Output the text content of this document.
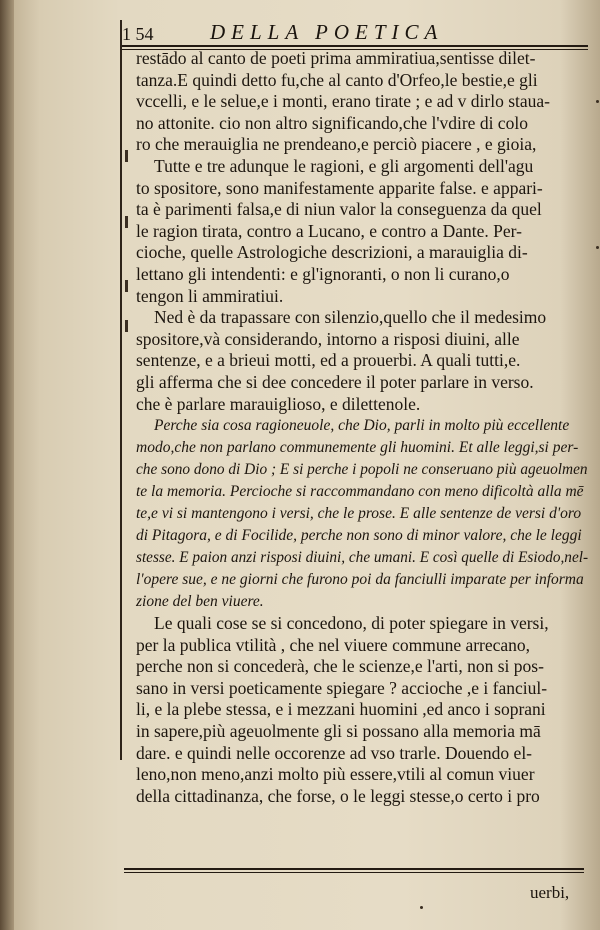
1 54	DELLA POETICA
restādo al canto de poeti prima ammiratiua,sentisse dilet-
tanza.E quindi detto fu,che al canto d'Orfeo,le bestie,e gli
vccelli, e le selue,e i monti, erano tirate ; e ad v dirlo staua-
no attonite. cio non altro significando,che l'vdire di colo
ro che merauiglia ne prendeano,e perciò piacere , e gioia,
Tutte e tre adunque le ragioni, e gli argomenti dell'agu
to spositore, sono manifestamente apparite false. e appari-
ta è parimenti falsa,e di niun valor la conseguenza da quel
le ragion tirata, contro a Lucano, e contro a Dante. Per-
cioche, quelle Astrologiche descrizioni, a marauiglia di-
lettano gli intendenti: e gl'ignoranti, o non li curano,o
tengon li ammiratiui.
Ned è da trapassare con silenzio,quello che il medesimo
spositore,và considerando, intorno a risposi diuini, alle
sentenze, e a brieui motti, ed a prouerbi. A quali tutti,e.
gli afferma che si dee concedere il poter parlare in verso.
che è parlare marauiglioso, e dilettenole.
Perche sia cosa ragioneuole, che Dio, parli in molto più eccellente
modo,che non parlano communemente gli huomini. Et alle leggi,si per-
che sono dono di Dio ; E si perche i popoli ne conseruano più ageuolmen
te la memoria. Percioche si raccommandano con meno dificoltà alla mē
te,e vi si mantengono i versi, che le prose. E alle sentenze de versi d'oro
di Pitagora, e di Focilide, perche non sono di minor valore, che le leggi
stesse. E paion anzi risposi diuini, che umani. E così quelle di Esiodo,nel-
l'opere sue, e ne giorni che furono poi da fanciulli imparate per informa
zione del ben viuere.
Le quali cose se si concedono, di poter spiegare in versi,
per la publica vtilità , che nel viuere commune arrecano,
perche non si concederà, che le scienze,e l'arti, non si pos-
sano in versi poeticamente spiegare ? accioche ,e i fanciul-
li, e la plebe stessa, e i mezzani huomini ,ed anco i soprani
in sapere,più ageuolmente gli si possano alla memoria mā
dare. e quindi nelle occorenze ad vso trarle. Douendo el-
leno,non meno,anzi molto più essere,vtili al comun viuer
della cittadinanza, che forse, o le leggi stesse,o certo i pro
uerbi,
